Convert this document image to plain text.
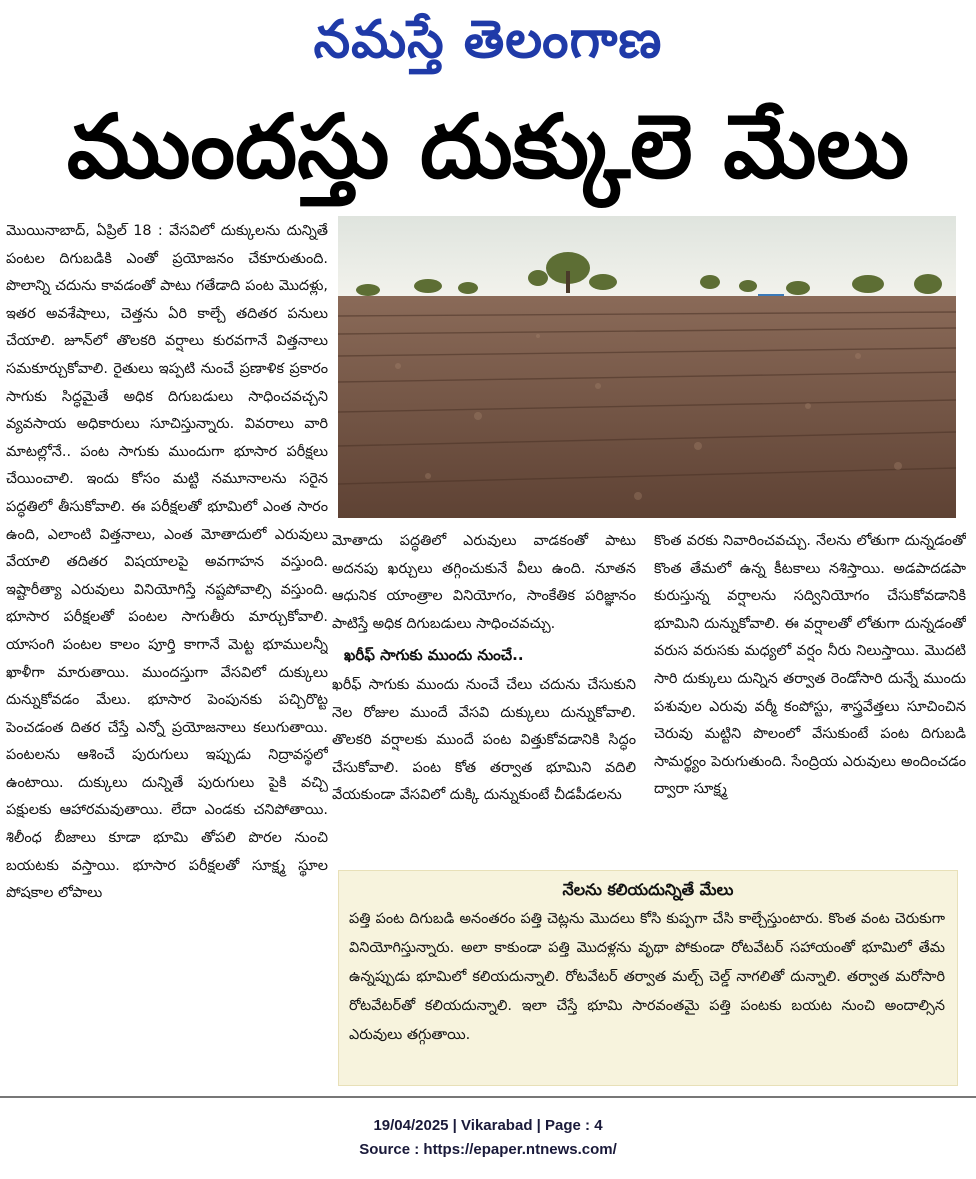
నమస్తే తెలంగాణ
ముందస్తు దుక్కులె మేలు

మొయినాబాద్, ఏప్రిల్ 18 : వేసవిలో దుక్కులను దున్నితే పంటల దిగుబడికి ఎంతో ప్రయోజనం చేకూరుతుంది. పొలాన్ని చదును కావడంతో పాటు గతేడాది పంట మొదళ్లు, ఇతర అవశేషాలు, చెత్తను ఏరి కాల్చే తదితర పనులు చేయాలి. జూన్‌లో తొలకరి వర్షాలు కురవగానే విత్తనాలు సమకూర్చుకోవాలి. రైతులు ఇప్పటి నుంచే ప్రణాళిక ప్రకారం సాగుకు సిద్ధమైతే అధిక దిగుబడులు సాధించవచ్చని వ్యవసాయ అధికారులు సూచిస్తున్నారు. వివరాలు వారి మాటల్లోనే.. పంట సాగుకు ముందుగా భూసార పరీక్షలు చేయించాలి. ఇందు కోసం మట్టి నమూనాలను సరైన పద్ధతిలో తీసుకోవాలి. ఈ పరీక్షలతో భూమిలో ఎంత సారం ఉంది, ఎలాంటి విత్తనాలు, ఎంత మోతాదులో ఎరువులు వేయాలి తదితర విషయాలపై అవగాహన వస్తుంది. ఇష్టారీత్యా ఎరువులు వినియోగిస్తే నష్టపోవాల్సి వస్తుంది. భూసార పరీక్షలతో పంటల సాగుతీరు మార్చుకోవాలి. యాసంగి పంటల కాలం పూర్తి కాగానే మెట్ట భూములన్నీ ఖాళీగా మారుతాయి. ముందస్తుగా వేసవిలో దుక్కులు దున్నుకోవడం మేలు. భూసార పెంపునకు పచ్చిరొట్ట పెంచడంత దితర చేస్తే ఎన్నో ప్రయోజనాలు కలుగుతాయి. పంటలను ఆశించే పురుగులు ఇప్పుడు నిద్రావస్థలో ఉంటాయి. దుక్కులు దున్నితే పురుగులు పైకి వచ్చి పక్షులకు ఆహారమవుతాయి. లేదా ఎండకు చనిపోతాయి. శిలీంధ బీజాలు కూడా భూమి తోపలి పొరల నుంచి బయటకు వస్తాయి. భూసార పరీక్షలతో సూక్ష్మ స్థూల పోషకాల లోపాలు

మోతాదు పద్ధతిలో ఎరువులు వాడకంతో పాటు అదనపు ఖర్చులు తగ్గించుకునే వీలు ఉంది. నూతన ఆధునిక యాంత్రాల వినియోగం, సాంకేతిక పరిజ్ఞానం పాటిస్తే అధిక దిగుబడులు సాధించవచ్చు.

ఖరీఫ్ సాగుకు ముందు నుంచే..

ఖరీఫ్ సాగుకు ముందు నుంచే చేలు చదును చేసుకుని నెల రోజుల ముందే వేసవి దుక్కులు దున్నుకోవాలి. తొలకరి వర్షాలకు ముందే పంట విత్తుకోవడానికి సిద్ధం చేసుకోవాలి. పంట కోత తర్వాత భూమిని వదిలి వేయకుండా వేసవిలో దుక్కి దున్నుకుంటే చీడపీడలను

కొంత వరకు నివారించవచ్చు. నేలను లోతుగా దున్నడంతో కొంత తేమలో ఉన్న కీటకాలు నశిస్తాయి. అడపాదడపా కురుస్తున్న వర్షాలను సద్వినియోగం చేసుకోవడానికి భూమిని దున్నుకోవాలి. ఈ వర్షాలతో లోతుగా దున్నడంతో వరుస వరుసకు మధ్యలో వర్షం నీరు నిలుస్తాయి. మొదటి సారి దుక్కులు దున్నిన తర్వాత రెండోసారి దున్నే ముందు పశువుల ఎరువు వర్మీ కంపోస్టు, శాస్త్రవేత్తలు సూచించిన చెరువు మట్టిని పొలంలో వేసుకుంటే పంట దిగుబడి సామర్థ్యం పెరుగుతుంది. సేంద్రియ ఎరువులు అందించడం ద్వారా సూక్ష్మ

నేలను కలియదున్నితే మేలు
పత్తి పంట దిగుబడి అనంతరం పత్తి చెట్లను మొదలు కోసి కుప్పగా చేసి కాల్చేస్తుంటారు. కొంత వంట చెరుకుగా వినియోగిస్తున్నారు. అలా కాకుండా పత్తి మొదళ్లను వృథా పోకుండా రోటవేటర్ సహాయంతో భూమిలో తేమ ఉన్నప్పుడు భూమిలో కలియదున్నాలి. రోటవేటర్ తర్వాత మల్చ్ చెల్డ్ నాగలితో దున్నాలి. తర్వాత మరోసారి రోటవేటర్‌తో కలియదున్నాలి. ఇలా చేస్తే భూమి సారవంతమై పత్తి పంటకు బయట నుంచి అందాల్సిన ఎరువులు తగ్గుతాయి.
19/04/2025 | Vikarabad | Page : 4
Source : https://epaper.ntnews.com/
